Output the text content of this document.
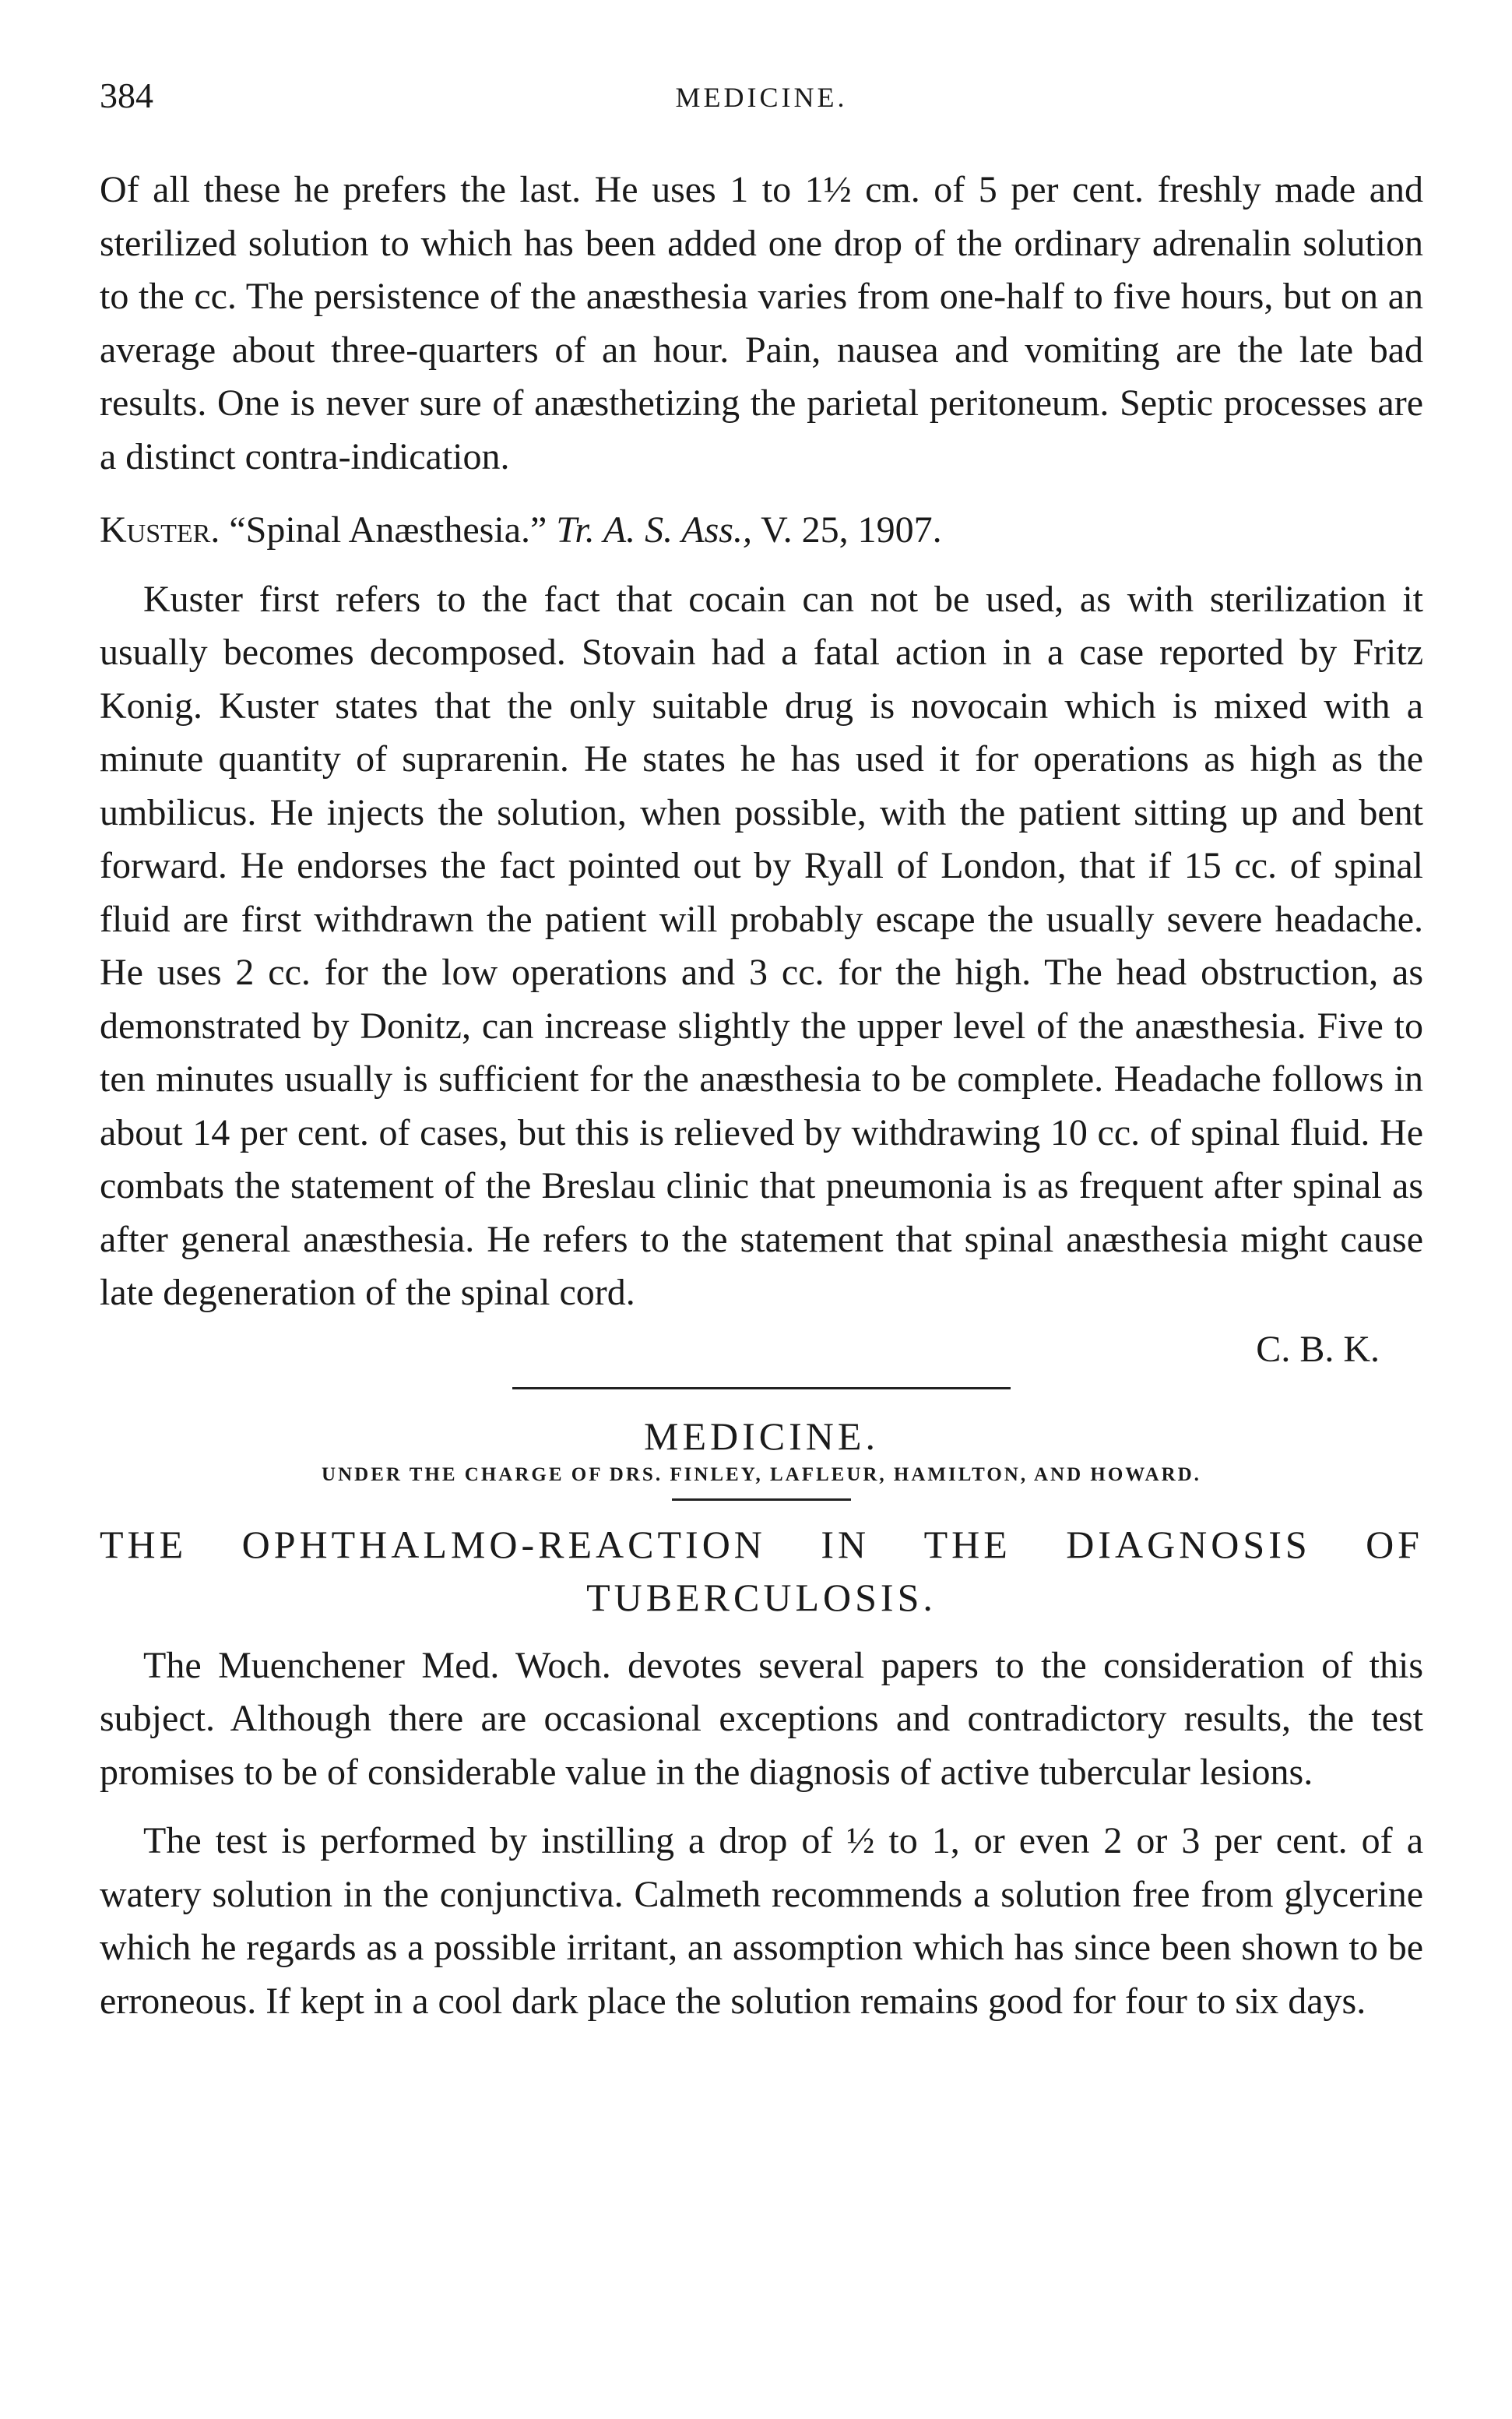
384	MEDICINE.

Of all these he prefers the last. He uses 1 to 1½ cm. of 5 per cent. freshly made and sterilized solution to which has been added one drop of the ordinary adrenalin solution to the cc. The persistence of the anæsthesia varies from one-half to five hours, but on an average about three-quarters of an hour. Pain, nausea and vomiting are the late bad results. One is never sure of anæsthetizing the parietal peritoneum. Septic processes are a distinct contra-indication.

Kuster. “Spinal Anæsthesia.” Tr. A. S. Ass., V. 25, 1907.

Kuster first refers to the fact that cocain can not be used, as with sterilization it usually becomes decomposed. Stovain had a fatal action in a case reported by Fritz Konig. Kuster states that the only suitable drug is novocain which is mixed with a minute quantity of suprarenin. He states he has used it for operations as high as the umbilicus. He injects the solution, when possible, with the patient sitting up and bent forward. He endorses the fact pointed out by Ryall of London, that if 15 cc. of spinal fluid are first withdrawn the patient will probably escape the usually severe headache. He uses 2 cc. for the low operations and 3 cc. for the high. The head obstruction, as demonstrated by Donitz, can increase slightly the upper level of the anæsthesia. Five to ten minutes usually is sufficient for the anæsthesia to be complete. Headache follows in about 14 per cent. of cases, but this is relieved by withdrawing 10 cc. of spinal fluid. He combats the statement of the Breslau clinic that pneumonia is as frequent after spinal as after general anæsthesia. He refers to the statement that spinal anæsthesia might cause late degeneration of the spinal cord.

C. B. K.
MEDICINE.
UNDER THE CHARGE OF DRS. FINLEY, LAFLEUR, HAMILTON, AND HOWARD.
THE OPHTHALMO-REACTION IN THE DIAGNOSIS OF
TUBERCULOSIS.

The Muenchener Med. Woch. devotes several papers to the consideration of this subject. Although there are occasional exceptions and contradictory results, the test promises to be of considerable value in the diagnosis of active tubercular lesions.

The test is performed by instilling a drop of ½ to 1, or even 2 or 3 per cent. of a watery solution in the conjunctiva. Calmeth recommends a solution free from glycerine which he regards as a possible irritant, an assomption which has since been shown to be erroneous. If kept in a cool dark place the solution remains good for four to six days.
